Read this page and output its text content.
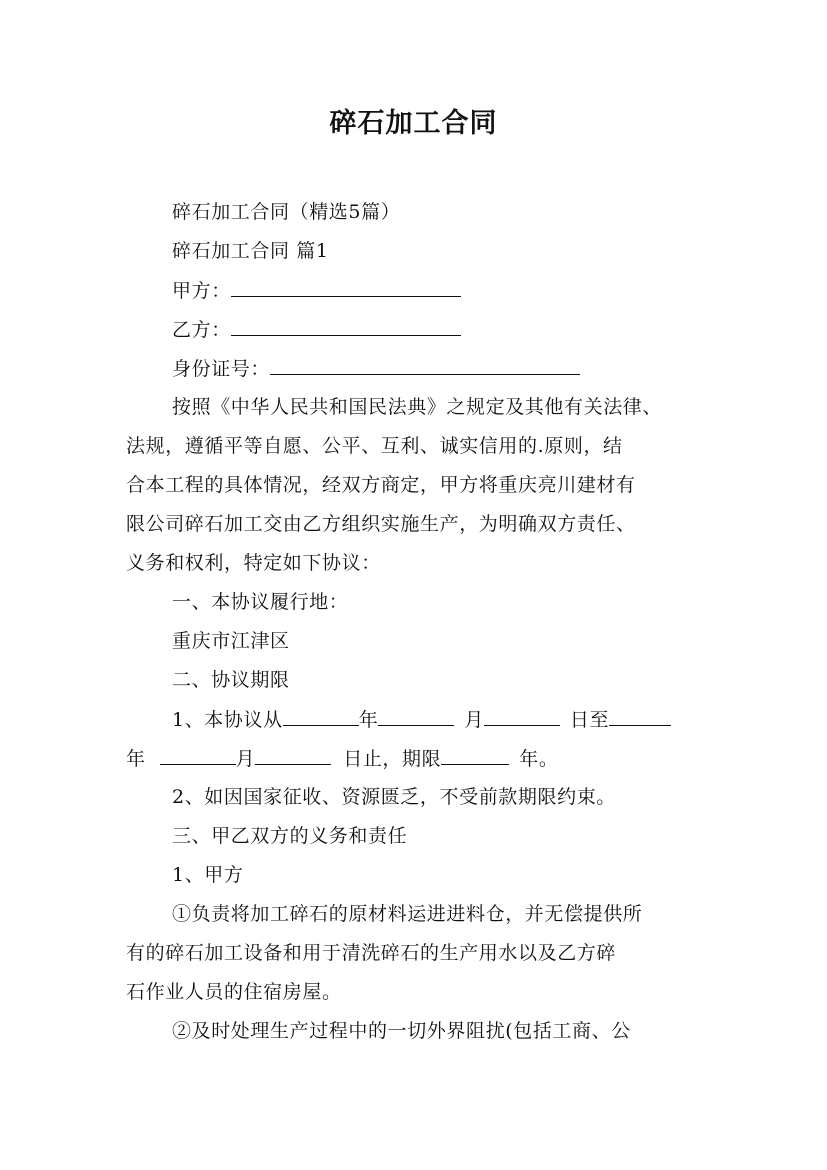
碎石加工合同
碎石加工合同（精选5篇）
碎石加工合同 篇1
甲方：
乙方：
身份证号：
按照《中华人民共和国民法典》之规定及其他有关法律、
法规，遵循平等自愿、公平、互利、诚实信用的.原则，结
合本工程的具体情况，经双方商定，甲方将重庆亮川建材有
限公司碎石加工交由乙方组织实施生产，为明确双方责任、
义务和权利，特定如下协议：
一、本协议履行地：
重庆市江津区
二、协议期限
1、本协议从	年	月	日至
年	月	日止，期限	年。
2、如因国家征收、资源匮乏，不受前款期限约束。
三、甲乙双方的义务和责任
1、甲方
①负责将加工碎石的原材料运进进料仓，并无偿提供所
有的碎石加工设备和用于清洗碎石的生产用水以及乙方碎
石作业人员的住宿房屋。
②及时处理生产过程中的一切外界阻扰(包括工商、公
